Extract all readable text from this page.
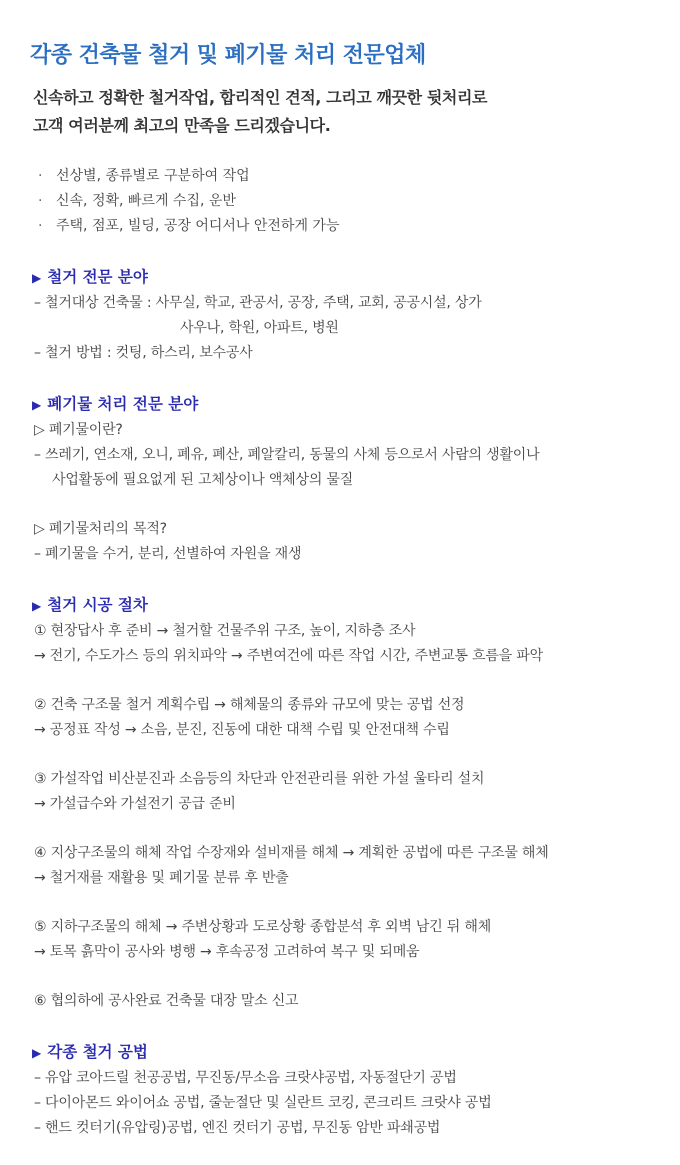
각종 건축물 철거 및 폐기물 처리 전문업체

신속하고 정확한 철거작업, 합리적인 견적, 그리고 깨끗한 뒷처리로

고객 여러분께 최고의 만족을 드리겠습니다.

· 선상별, 종류별로 구분하여 작업
· 신속, 정확, 빠르게 수집, 운반
· 주택, 점포, 빌딩, 공장 어디서나 안전하게 가능
▶ 철거 전문 분야
– 철거대상 건축물 : 사무실, 학교, 관공서, 공장, 주택, 교회, 공공시설, 상가
사우나, 학원, 아파트, 병원
– 철거 방법 : 컷팅, 하스리, 보수공사
▶ 폐기물 처리 전문 분야
▷ 폐기물이란?
– 쓰레기, 연소재, 오니, 폐유, 폐산, 폐알칼리, 동물의 사체 등으로서 사람의 생활이나
사업활동에 필요없게 된 고체상이나 액체상의 물질
▷ 폐기물처리의 목적?
– 폐기물을 수거, 분리, 선별하여 자원을 재생
▶ 철거 시공 절차
① 현장답사 후 준비 → 철거할 건물주위 구조, 높이, 지하층 조사
→ 전기, 수도가스 등의 위치파악 → 주변여건에 따른 작업 시간, 주변교통 흐름을 파악
② 건축 구조물 철거 계획수립 → 해체물의 종류와 규모에 맞는 공법 선정
→ 공정표 작성 → 소음, 분진, 진동에 대한 대책 수립 및 안전대책 수립
③ 가설작업 비산분진과 소음등의 차단과 안전관리를 위한 가설 울타리 설치
→ 가설급수와 가설전기 공급 준비
④ 지상구조물의 해체 작업 수장재와 설비재를 해체 → 계획한 공법에 따른 구조물 해체
→ 철거재를 재활용 및 폐기물 분류 후 반출
⑤ 지하구조물의 해체 → 주변상황과 도로상황 종합분석 후 외벽 남긴 뒤 해체
→ 토목 흙막이 공사와 병행 → 후속공정 고려하여 복구 및 되메움
⑥ 협의하에 공사완료 건축물 대장 말소 신고
▶ 각종 철거 공법
– 유압 코아드릴 천공공법, 무진동/무소음 크랏샤공법, 자동절단기 공법
– 다이아몬드 와이어쇼 공법, 줄눈절단 및 실란트 코킹, 콘크리트 크랏샤 공법
– 핸드 컷터기(유압링)공법, 엔진 컷터기 공법, 무진동 암반 파쇄공법
